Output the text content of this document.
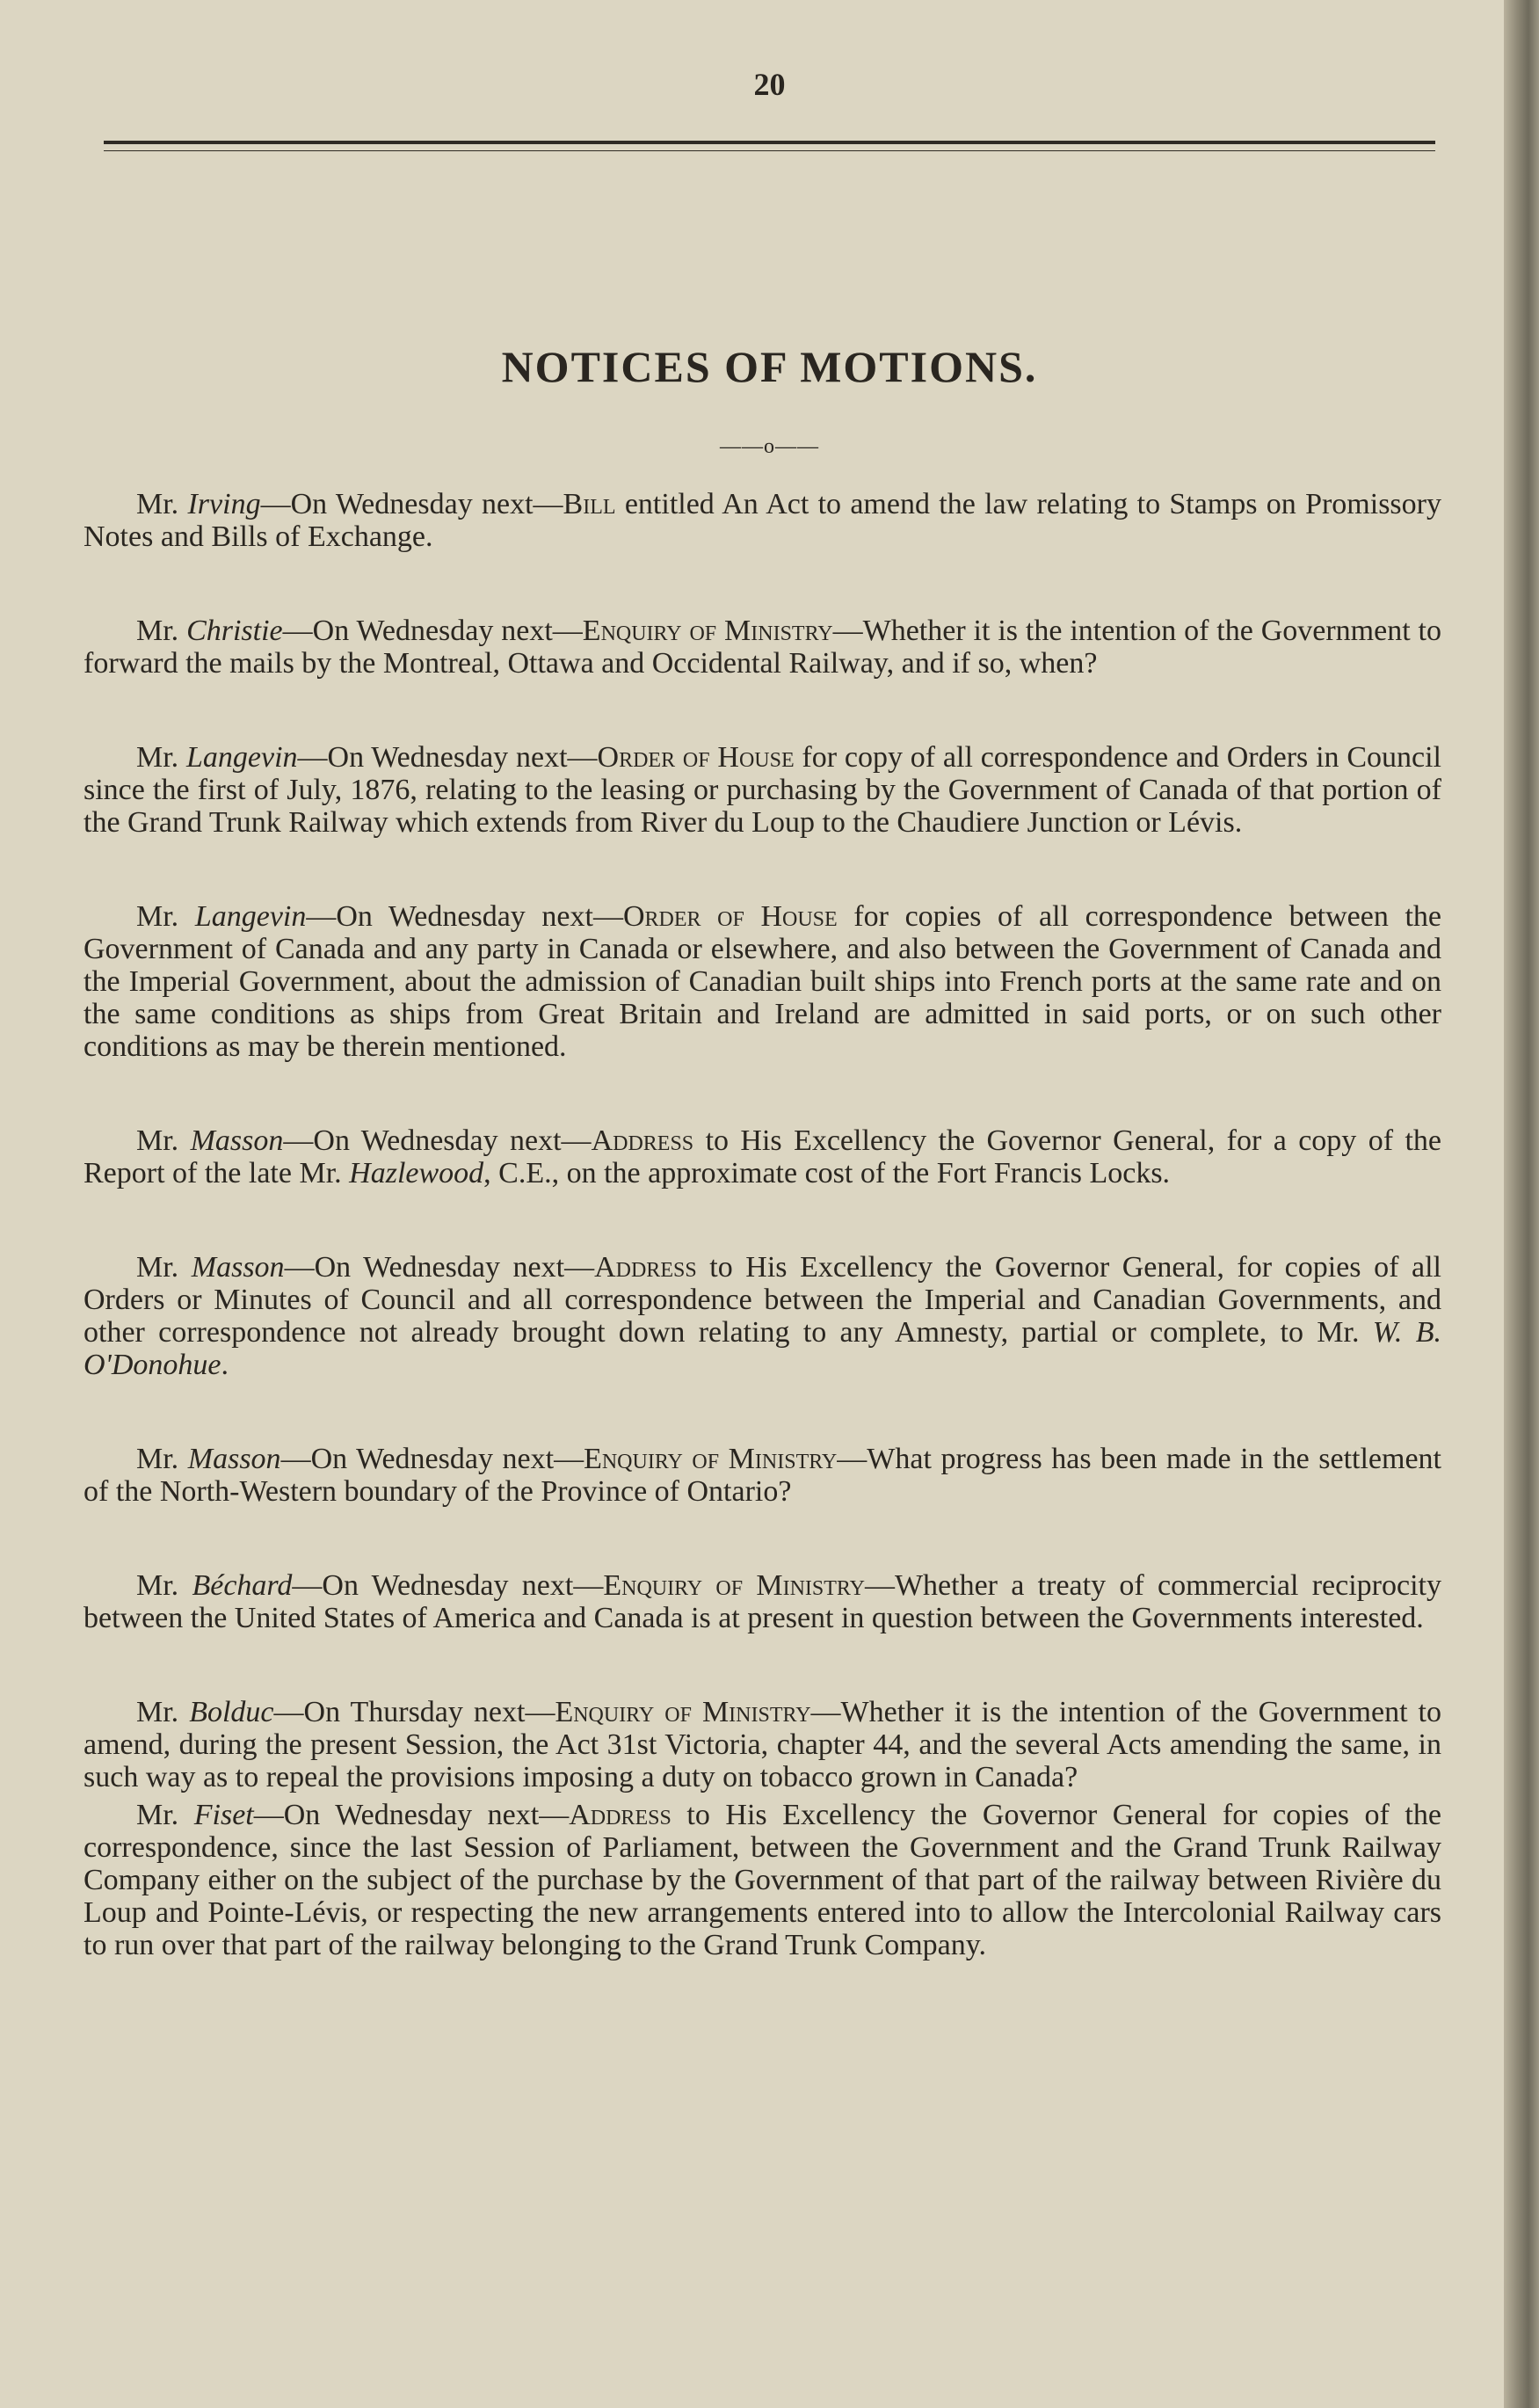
20
NOTICES OF MOTIONS.
——o——

Mr. Irving—On Wednesday next—Bill entitled An Act to amend the law relating to Stamps on Promissory Notes and Bills of Exchange.

Mr. Christie—On Wednesday next—Enquiry of Ministry—Whether it is the intention of the Government to forward the mails by the Montreal, Ottawa and Occidental Railway, and if so, when?

Mr. Langevin—On Wednesday next—Order of House for copy of all correspondence and Orders in Council since the first of July, 1876, relating to the leasing or purchasing by the Government of Canada of that portion of the Grand Trunk Railway which extends from River du Loup to the Chaudiere Junction or Lévis.

Mr. Langevin—On Wednesday next—Order of House for copies of all correspondence between the Government of Canada and any party in Canada or elsewhere, and also between the Government of Canada and the Imperial Government, about the admission of Canadian built ships into French ports at the same rate and on the same conditions as ships from Great Britain and Ireland are admitted in said ports, or on such other conditions as may be therein mentioned.

Mr. Masson—On Wednesday next—Address to His Excellency the Governor General, for a copy of the Report of the late Mr. Hazlewood, C.E., on the approximate cost of the Fort Francis Locks.

Mr. Masson—On Wednesday next—Address to His Excellency the Governor General, for copies of all Orders or Minutes of Council and all correspondence between the Imperial and Canadian Governments, and other correspondence not already brought down relating to any Amnesty, partial or complete, to Mr. W. B. O'Donohue.

Mr. Masson—On Wednesday next—Enquiry of Ministry—What progress has been made in the settlement of the North-Western boundary of the Province of Ontario?

Mr. Béchard—On Wednesday next—Enquiry of Ministry—Whether a treaty of commercial reciprocity between the United States of America and Canada is at present in question between the Governments interested.

Mr. Bolduc—On Thursday next—Enquiry of Ministry—Whether it is the intention of the Government to amend, during the present Session, the Act 31st Victoria, chapter 44, and the several Acts amending the same, in such way as to repeal the provisions imposing a duty on tobacco grown in Canada?

Mr. Fiset—On Wednesday next—Address to His Excellency the Governor General for copies of the correspondence, since the last Session of Parliament, between the Government and the Grand Trunk Railway Company either on the subject of the purchase by the Government of that part of the railway between Rivière du Loup and Pointe-Lévis, or respecting the new arrangements entered into to allow the Intercolonial Railway cars to run over that part of the railway belonging to the Grand Trunk Company.
